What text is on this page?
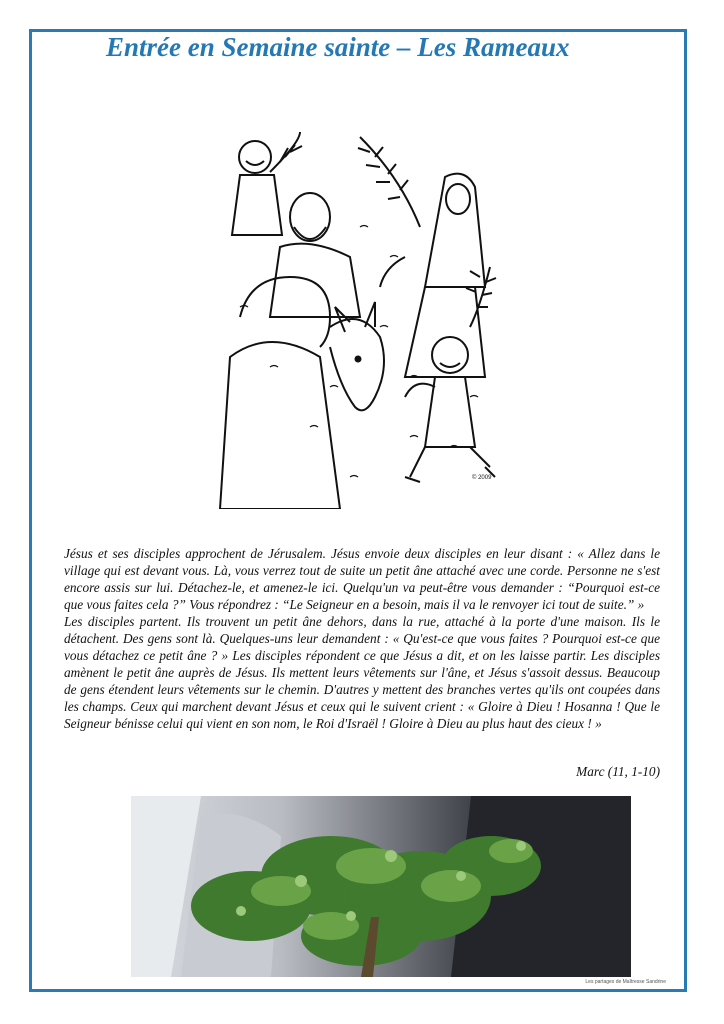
Entrée en Semaine sainte – Les Rameaux
© 2009

Jésus et ses disciples approchent de Jérusalem. Jésus envoie deux disciples en leur disant : « Allez dans le village qui est devant vous. Là, vous verrez tout de suite un petit âne attaché avec une corde. Personne ne s'est encore assis sur lui. Détachez-le, et amenez-le ici. Quelqu'un va peut-être vous demander : “Pourquoi est-ce que vous faites cela ?” Vous répondrez : “Le Seigneur en a besoin, mais il va le renvoyer ici tout de suite.” »

Les disciples partent. Ils trouvent un petit âne dehors, dans la rue, attaché à la porte d'une maison. Ils le détachent. Des gens sont là. Quelques-uns leur demandent : « Qu'est-ce que vous faites ? Pourquoi est-ce que vous détachez ce petit âne ? » Les disciples répondent ce que Jésus a dit, et on les laisse partir. Les disciples amènent le petit âne auprès de Jésus. Ils mettent leurs vêtements sur l'âne, et Jésus s'assoit dessus. Beaucoup de gens étendent leurs vêtements sur le chemin. D'autres y mettent des branches vertes qu'ils ont coupées dans les champs. Ceux qui marchent devant Jésus et ceux qui le suivent crient : « Gloire à Dieu ! Hosanna ! Que le Seigneur bénisse celui qui vient en son nom, le Roi d'Israël ! Gloire à Dieu au plus haut des cieux ! »

Marc (11, 1-10)
Les partages de Maîtresse Sandrine
